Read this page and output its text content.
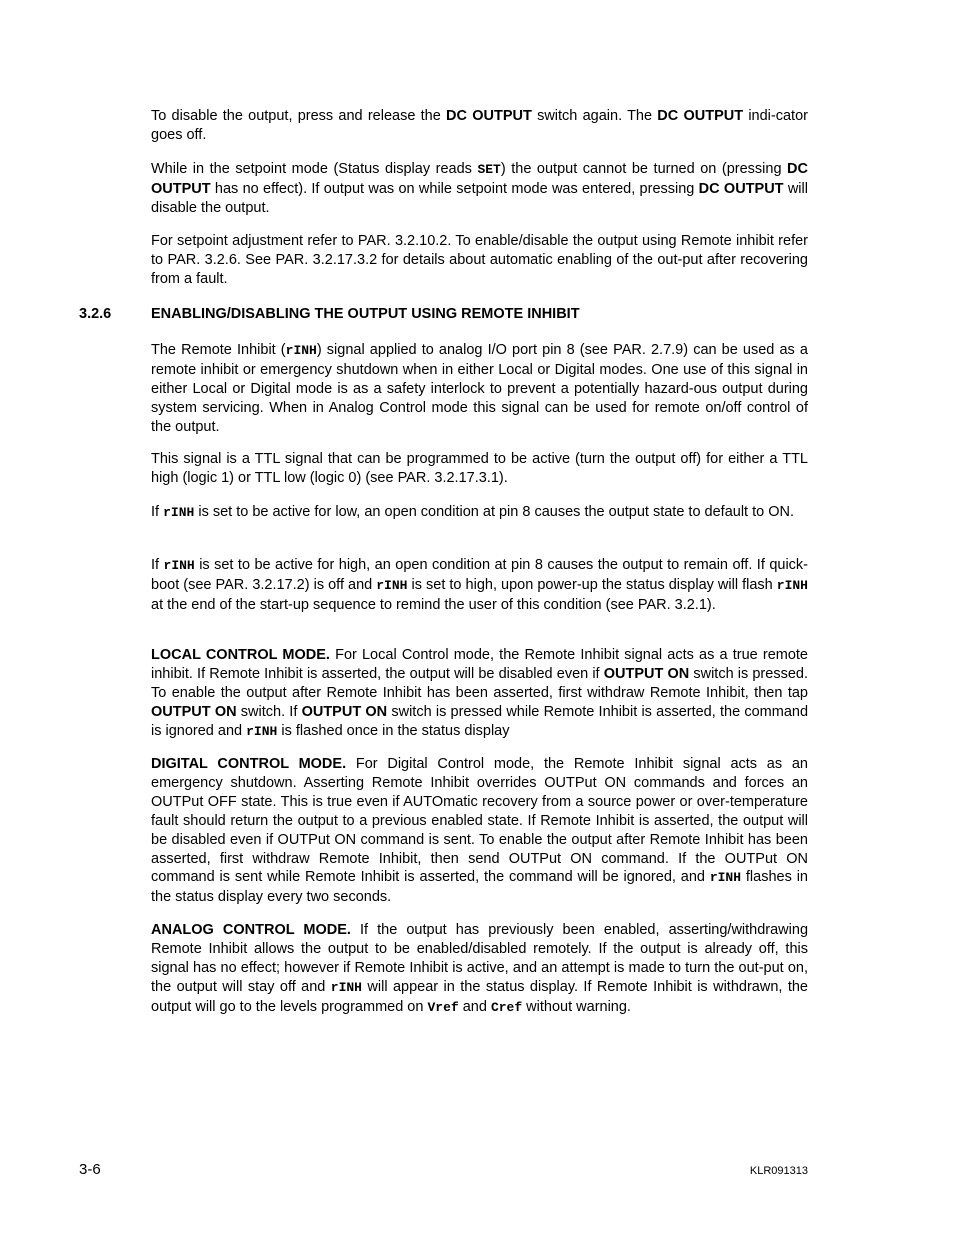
To disable the output, press and release the DC OUTPUT switch again. The DC OUTPUT indi-cator goes off.

While in the setpoint mode (Status display reads SET) the output cannot be turned on (pressing DC OUTPUT has no effect). If output was on while setpoint mode was entered, pressing DC OUTPUT will disable the output.

For setpoint adjustment refer to PAR. 3.2.10.2. To enable/disable the output using Remote inhibit refer to PAR. 3.2.6. See PAR. 3.2.17.3.2 for details about automatic enabling of the out-put after recovering from a fault.

3.2.6	ENABLING/DISABLING THE OUTPUT USING REMOTE INHIBIT

The Remote Inhibit (rINH) signal applied to analog I/O port pin 8 (see PAR. 2.7.9) can be used as a remote inhibit or emergency shutdown when in either Local or Digital modes. One use of this signal in either Local or Digital mode is as a safety interlock to prevent a potentially hazard-ous output during system servicing. When in Analog Control mode this signal can be used for remote on/off control of the output.

This signal is a TTL signal that can be programmed to be active (turn the output off) for either a TTL high (logic 1) or TTL low (logic 0) (see PAR. 3.2.17.3.1).

If rINH is set to be active for low, an open condition at pin 8 causes the output state to default to ON.

If rINH is set to be active for high, an open condition at pin 8 causes the output to remain off. If quick-boot (see PAR. 3.2.17.2) is off and rINH is set to high, upon power-up the status display will flash rINH at the end of the start-up sequence to remind the user of this condition (see PAR. 3.2.1).

LOCAL CONTROL MODE. For Local Control mode, the Remote Inhibit signal acts as a true remote inhibit. If Remote Inhibit is asserted, the output will be disabled even if OUTPUT ON switch is pressed. To enable the output after Remote Inhibit has been asserted, first withdraw Remote Inhibit, then tap OUTPUT ON switch. If OUTPUT ON switch is pressed while Remote Inhibit is asserted, the command is ignored and rINH is flashed once in the status display

DIGITAL CONTROL MODE. For Digital Control mode, the Remote Inhibit signal acts as an emergency shutdown. Asserting Remote Inhibit overrides OUTPut ON commands and forces an OUTPut OFF state. This is true even if AUTOmatic recovery from a source power or over-temperature fault should return the output to a previous enabled state. If Remote Inhibit is asserted, the output will be disabled even if OUTPut ON command is sent. To enable the output after Remote Inhibit has been asserted, first withdraw Remote Inhibit, then send OUTPut ON command. If the OUTPut ON command is sent while Remote Inhibit is asserted, the command will be ignored, and rINH flashes in the status display every two seconds.

ANALOG CONTROL MODE. If the output has previously been enabled, asserting/withdrawing Remote Inhibit allows the output to be enabled/disabled remotely. If the output is already off, this signal has no effect; however if Remote Inhibit is active, and an attempt is made to turn the out-put on, the output will stay off and rINH will appear in the status display. If Remote Inhibit is withdrawn, the output will go to the levels programmed on Vref and Cref without warning.

3-6	KLR091313
